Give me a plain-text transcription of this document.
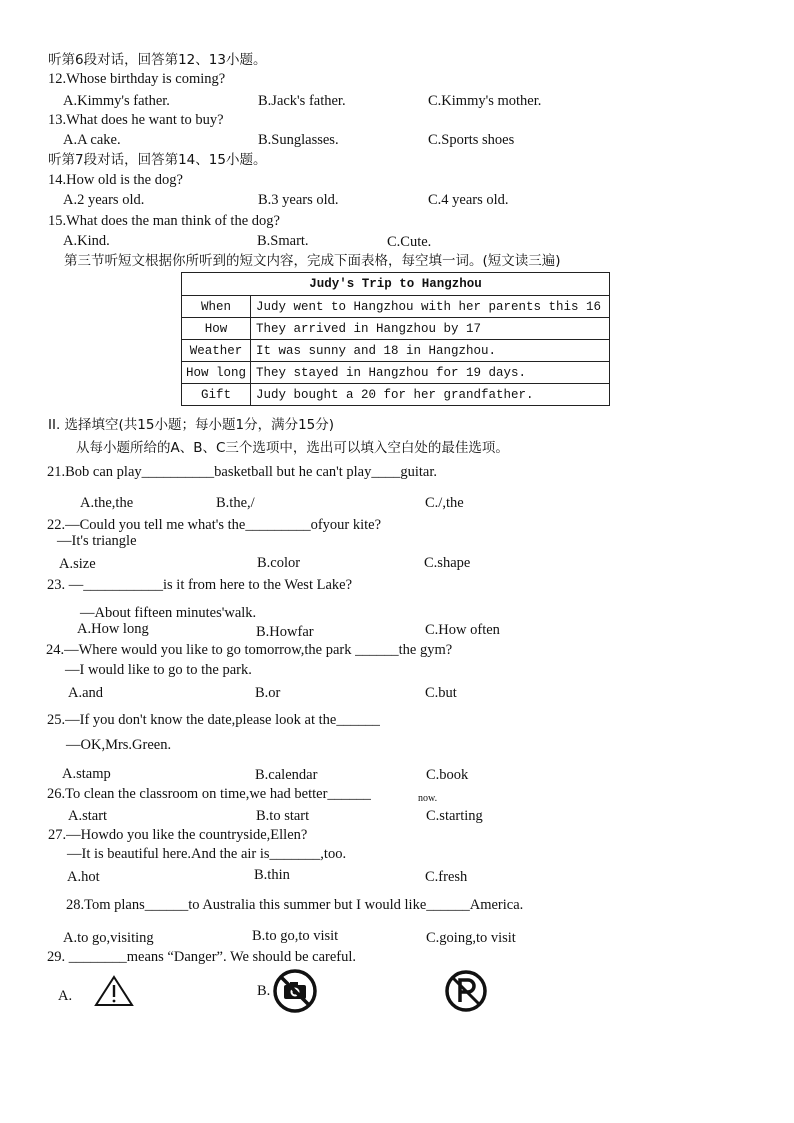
听第6段对话，回答第12、13小题。
12.Whose birthday is coming?
A.Kimmy's father.	B.Jack's father.	C.Kimmy's mother.
13.What does he want to buy?
A.A cake.	B.Sunglasses.	C.Sports shoes
听第7段对话，回答第14、15小题。
14.How old is the dog?
A.2 years old.	B.3 years old.	C.4 years old.
15.What does the man think of the dog?
A.Kind.	B.Smart.	C.Cute.
第三节听短文根据你所听到的短文内容，完成下面表格，每空填一词。(短文读三遍)
Judy's Trip to Hangzhou	
When	Judy went to Hangzhou with her parents this 16
How	They arrived in Hangzhou by 17
Weather	It was sunny and 18 in Hangzhou.
How long	They stayed in Hangzhou for 19 days.
Gift	Judy bought a 20 for her grandfather.
II. 选择填空(共15小题；每小题1分，满分15分)
从每小题所给的A、B、C三个选项中，选出可以填入空白处的最佳选项。
21.Bob can play__________basketball but he can't play____guitar.
A.the,the	B.the,/	C./,the
22.—Could you tell me what's the_________ofyour kite?
—It's triangle
A.size	B.color	C.shape
23. —___________is it from here to the West Lake?
—About fifteen minutes'walk.
A.How long	B.Howfar	C.How often
24.—Where would you like to go tomorrow,the park ______the gym?
—I would like to go to the park.
A.and	B.or	C.but
25.—If you don't know the date,please look at the______
—OK,Mrs.Green.
A.stamp	B.calendar	C.book
26.To clean the classroom on time,we had better______	now.
A.start	B.to start	C.starting
27.—Howdo you like the countryside,Ellen?
—It is beautiful here.And the air is_______,too.
A.hot	B.thin	C.fresh
28.Tom plans______to Australia this summer but I would like______America.
A.to go,visiting	B.to go,to visit	C.going,to visit
29. ________means “Danger”. We should be careful.
A.	B.
